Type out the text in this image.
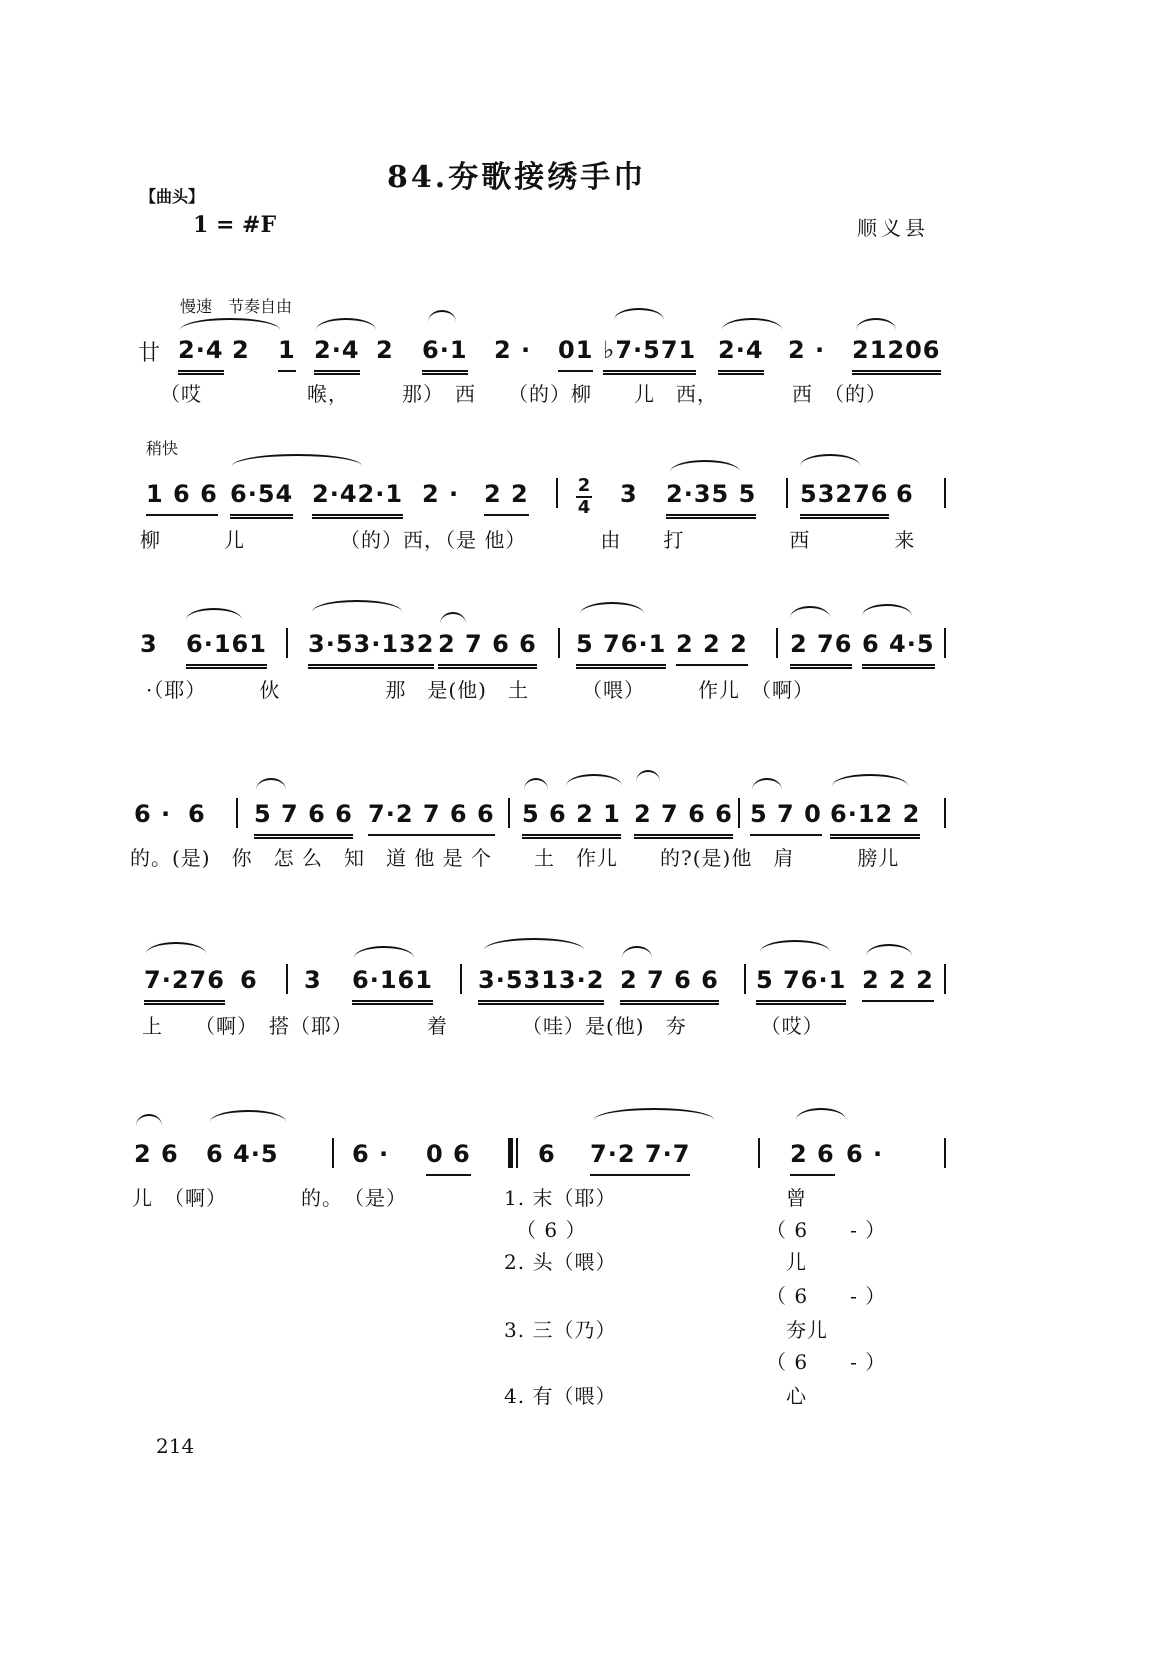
84.夯歌接绣手巾
【曲头】
1 = #F	顺义县
慢速　节奏自由
廿 2·4 2 1 2·4 2 6·1 2 · 01 ♭7·571 2·4 2 · 21206
（哎　　　　　喉，　　　那）　西　　（的）柳　　儿　西，　　　　西　（的）
稍快
1 6 6 6·54 2·42·1 2 · 2 2	2
4 3 2·35 5 53276 6
柳　　　儿　　　　　（的）西，（是 他）　　　　由　　打　　　　　西　　　　来
3 6·161 3·53·132 2 7 6 6 5 76·1 2 2 2 2 76 6 4·5
·（耶）　　　伙　　　　　那　是(他)　土　　　（喂）　　　作儿　（啊）
6 · 6 5 7 6 6 7·2 7 6 6 5 6 2 1 2 7 6 6 5 7 0 6·12 2
的。(是)　你　怎 么　知　道 他 是 个　　土　作儿　　的?(是)他　肩　　　膀儿
7·276 6 3 6·161 3·5313·2 2 7 6 6 5 76·1 2 2 2
上　　（啊）　搭（耶）　　　　着　　　　（哇）是(他)　夯　　　　（哎）
2 6 6 4·5	6 · 0 6	6 7·2 7·7	2 6 6 ·
儿　（啊）　　　　的。　（是）	1. 末（耶）	曾
（ 6 ）	（ 6　　- ）
2. 头（喂）	儿
（ 6　　- ）
3. 三（乃）	夯儿
（ 6　　- ）
4. 有（喂）	心
214
